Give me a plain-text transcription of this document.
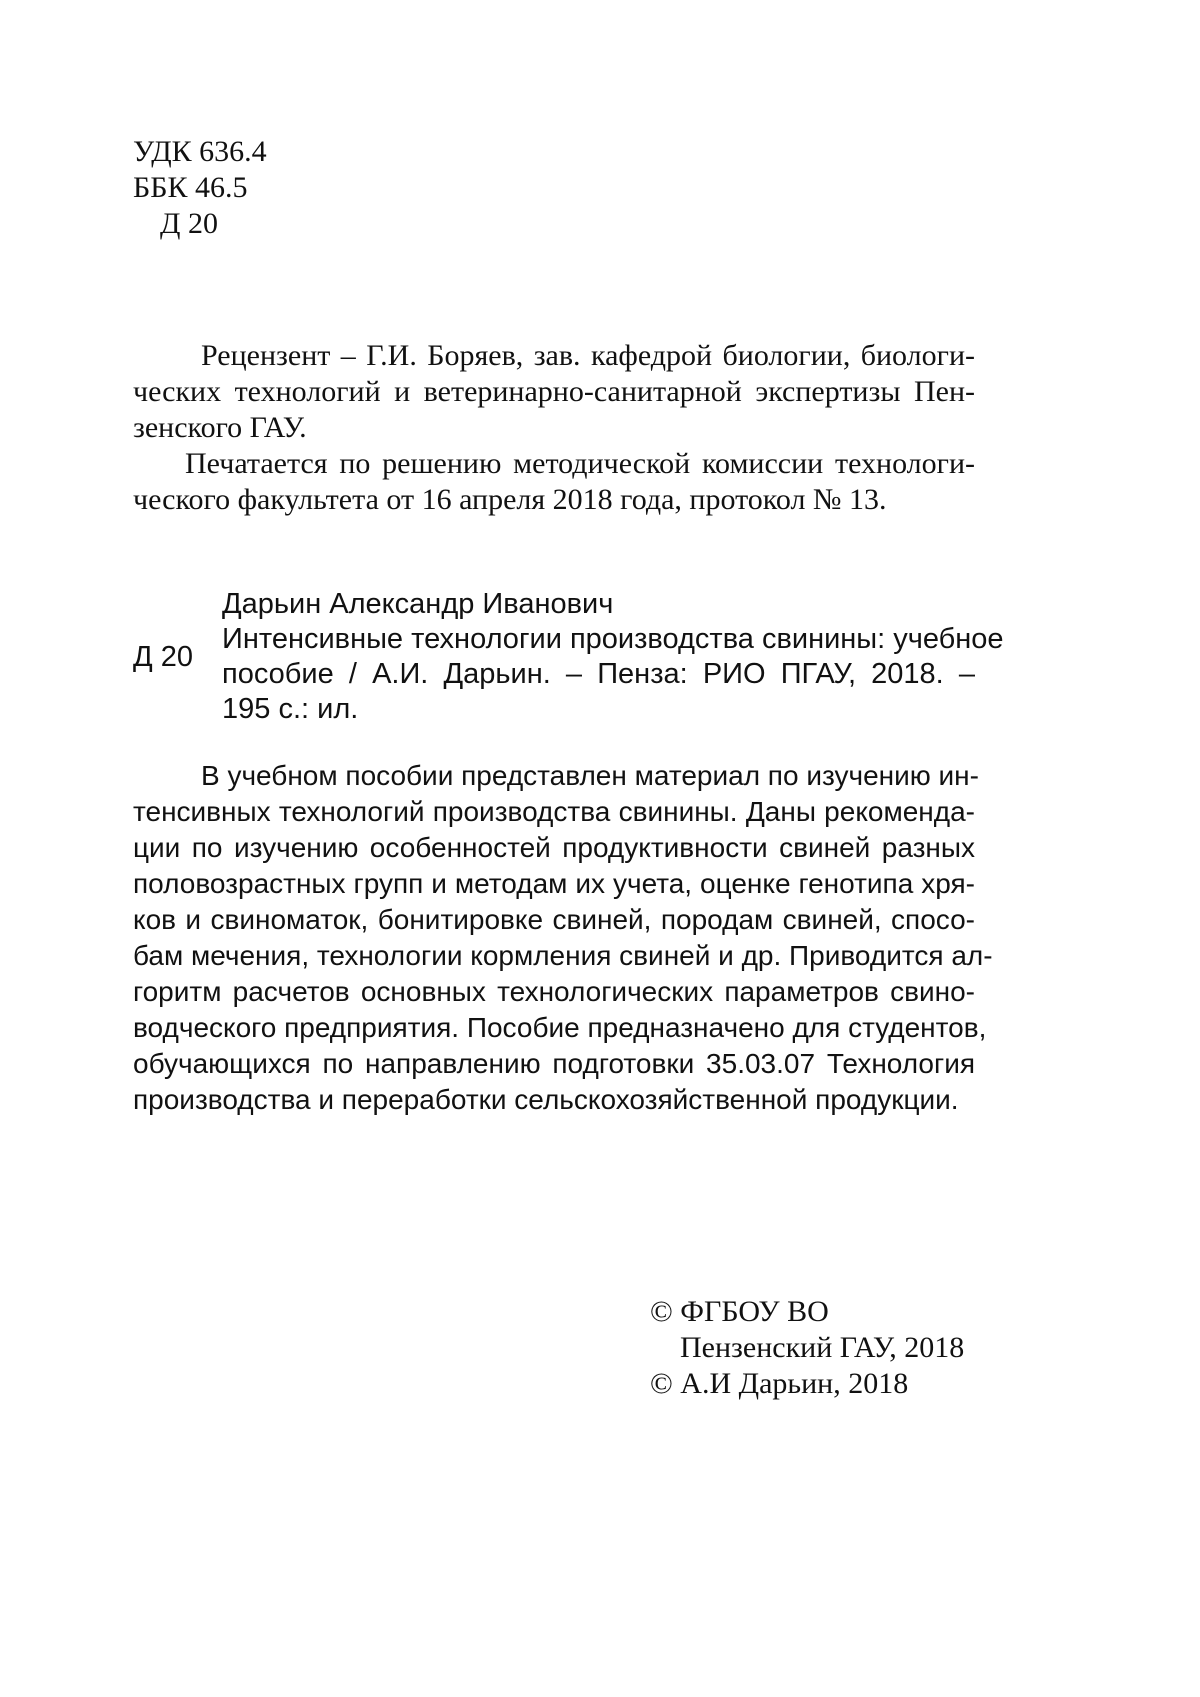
УДК 636.4
ББК 46.5
Д 20
Рецензент – Г.И. Боряев, зав. кафедрой биологии, биологи-
ческих технологий и ветеринарно-санитарной экспертизы Пен-
зенского ГАУ.
Печатается по решению методической комиссии технологи-
ческого факультета от 16 апреля 2018 года, протокол № 13.
Д 20
Дарьин Александр Иванович
Интенсивные технологии производства свинины: учебное
пособие / А.И. Дарьин. – Пенза: РИО ПГАУ, 2018. –
195 с.: ил.
В учебном пособии представлен материал по изучению ин-
тенсивных технологий производства свинины. Даны рекоменда-
ции по изучению особенностей продуктивности свиней разных
половозрастных групп и методам их учета, оценке генотипа хря-
ков и свиноматок, бонитировке свиней, породам свиней, спосо-
бам мечения, технологии кормления свиней и др. Приводится ал-
горитм расчетов основных технологических параметров свино-
водческого предприятия. Пособие предназначено для студентов,
обучающихся по направлению подготовки 35.03.07 Технология
производства и переработки сельскохозяйственной продукции.
© ФГБОУ ВО
Пензенский ГАУ, 2018
© А.И Дарьин, 2018
